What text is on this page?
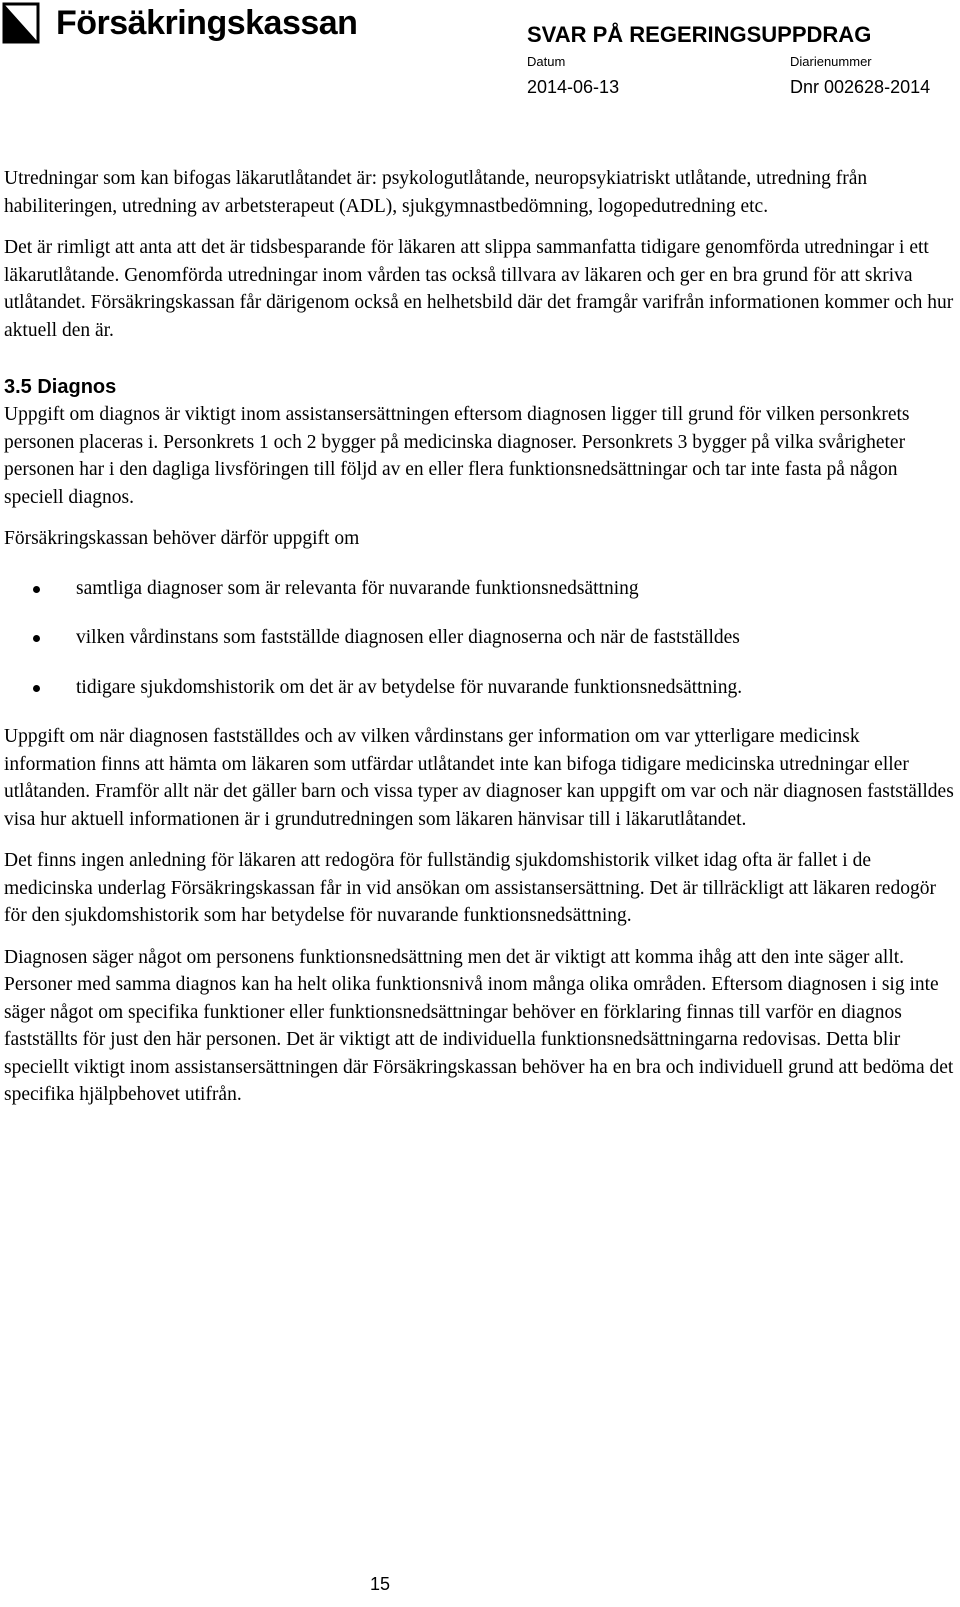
Försäkringskassan	SVAR PÅ REGERINGSUPPDRAG
Datum	Diarienummer
2014-06-13	Dnr 002628-2014

Utredningar som kan bifogas läkarutlåtandet är: psykologutlåtande, neuropsykiatriskt utlåtande, utredning från habiliteringen, utredning av arbetsterapeut (ADL), sjukgymnastbedömning, logopedutredning etc.

Det är rimligt att anta att det är tidsbesparande för läkaren att slippa sammanfatta tidigare genomförda utredningar i ett läkarutlåtande. Genomförda utredningar inom vården tas också tillvara av läkaren och ger en bra grund för att skriva utlåtandet. Försäkringskassan får därigenom också en helhetsbild där det framgår varifrån informationen kommer och hur aktuell den är.

3.5 Diagnos

Uppgift om diagnos är viktigt inom assistansersättningen eftersom diagnosen ligger till grund för vilken personkrets personen placeras i. Personkrets 1 och 2 bygger på medicinska diagnoser. Personkrets 3 bygger på vilka svårigheter personen har i den dagliga livsföringen till följd av en eller flera funktionsnedsättningar och tar inte fasta på någon speciell diagnos.

Försäkringskassan behöver därför uppgift om

samtliga diagnoser som är relevanta för nuvarande funktionsnedsättning
vilken vårdinstans som fastställde diagnosen eller diagnoserna och när de fastställdes
tidigare sjukdomshistorik om det är av betydelse för nuvarande funktionsnedsättning.

Uppgift om när diagnosen fastställdes och av vilken vårdinstans ger information om var ytterligare medicinsk information finns att hämta om läkaren som utfärdar utlåtandet inte kan bifoga tidigare medicinska utredningar eller utlåtanden. Framför allt när det gäller barn och vissa typer av diagnoser kan uppgift om var och när diagnosen fastställdes visa hur aktuell informationen är i grundutredningen som läkaren hänvisar till i läkarutlåtandet.

Det finns ingen anledning för läkaren att redogöra för fullständig sjukdomshistorik vilket idag ofta är fallet i de medicinska underlag Försäkringskassan får in vid ansökan om assistansersättning. Det är tillräckligt att läkaren redogör för den sjukdomshistorik som har betydelse för nuvarande funktionsnedsättning.

Diagnosen säger något om personens funktionsnedsättning men det är viktigt att komma ihåg att den inte säger allt. Personer med samma diagnos kan ha helt olika funktionsnivå inom många olika områden. Eftersom diagnosen i sig inte säger något om specifika funktioner eller funktionsnedsättningar behöver en förklaring finnas till varför en diagnos fastställts för just den här personen. Det är viktigt att de individuella funktionsnedsättningarna redovisas. Detta blir speciellt viktigt inom assistansersättningen där Försäkringskassan behöver ha en bra och individuell grund att bedöma det specifika hjälpbehovet utifrån.

15
